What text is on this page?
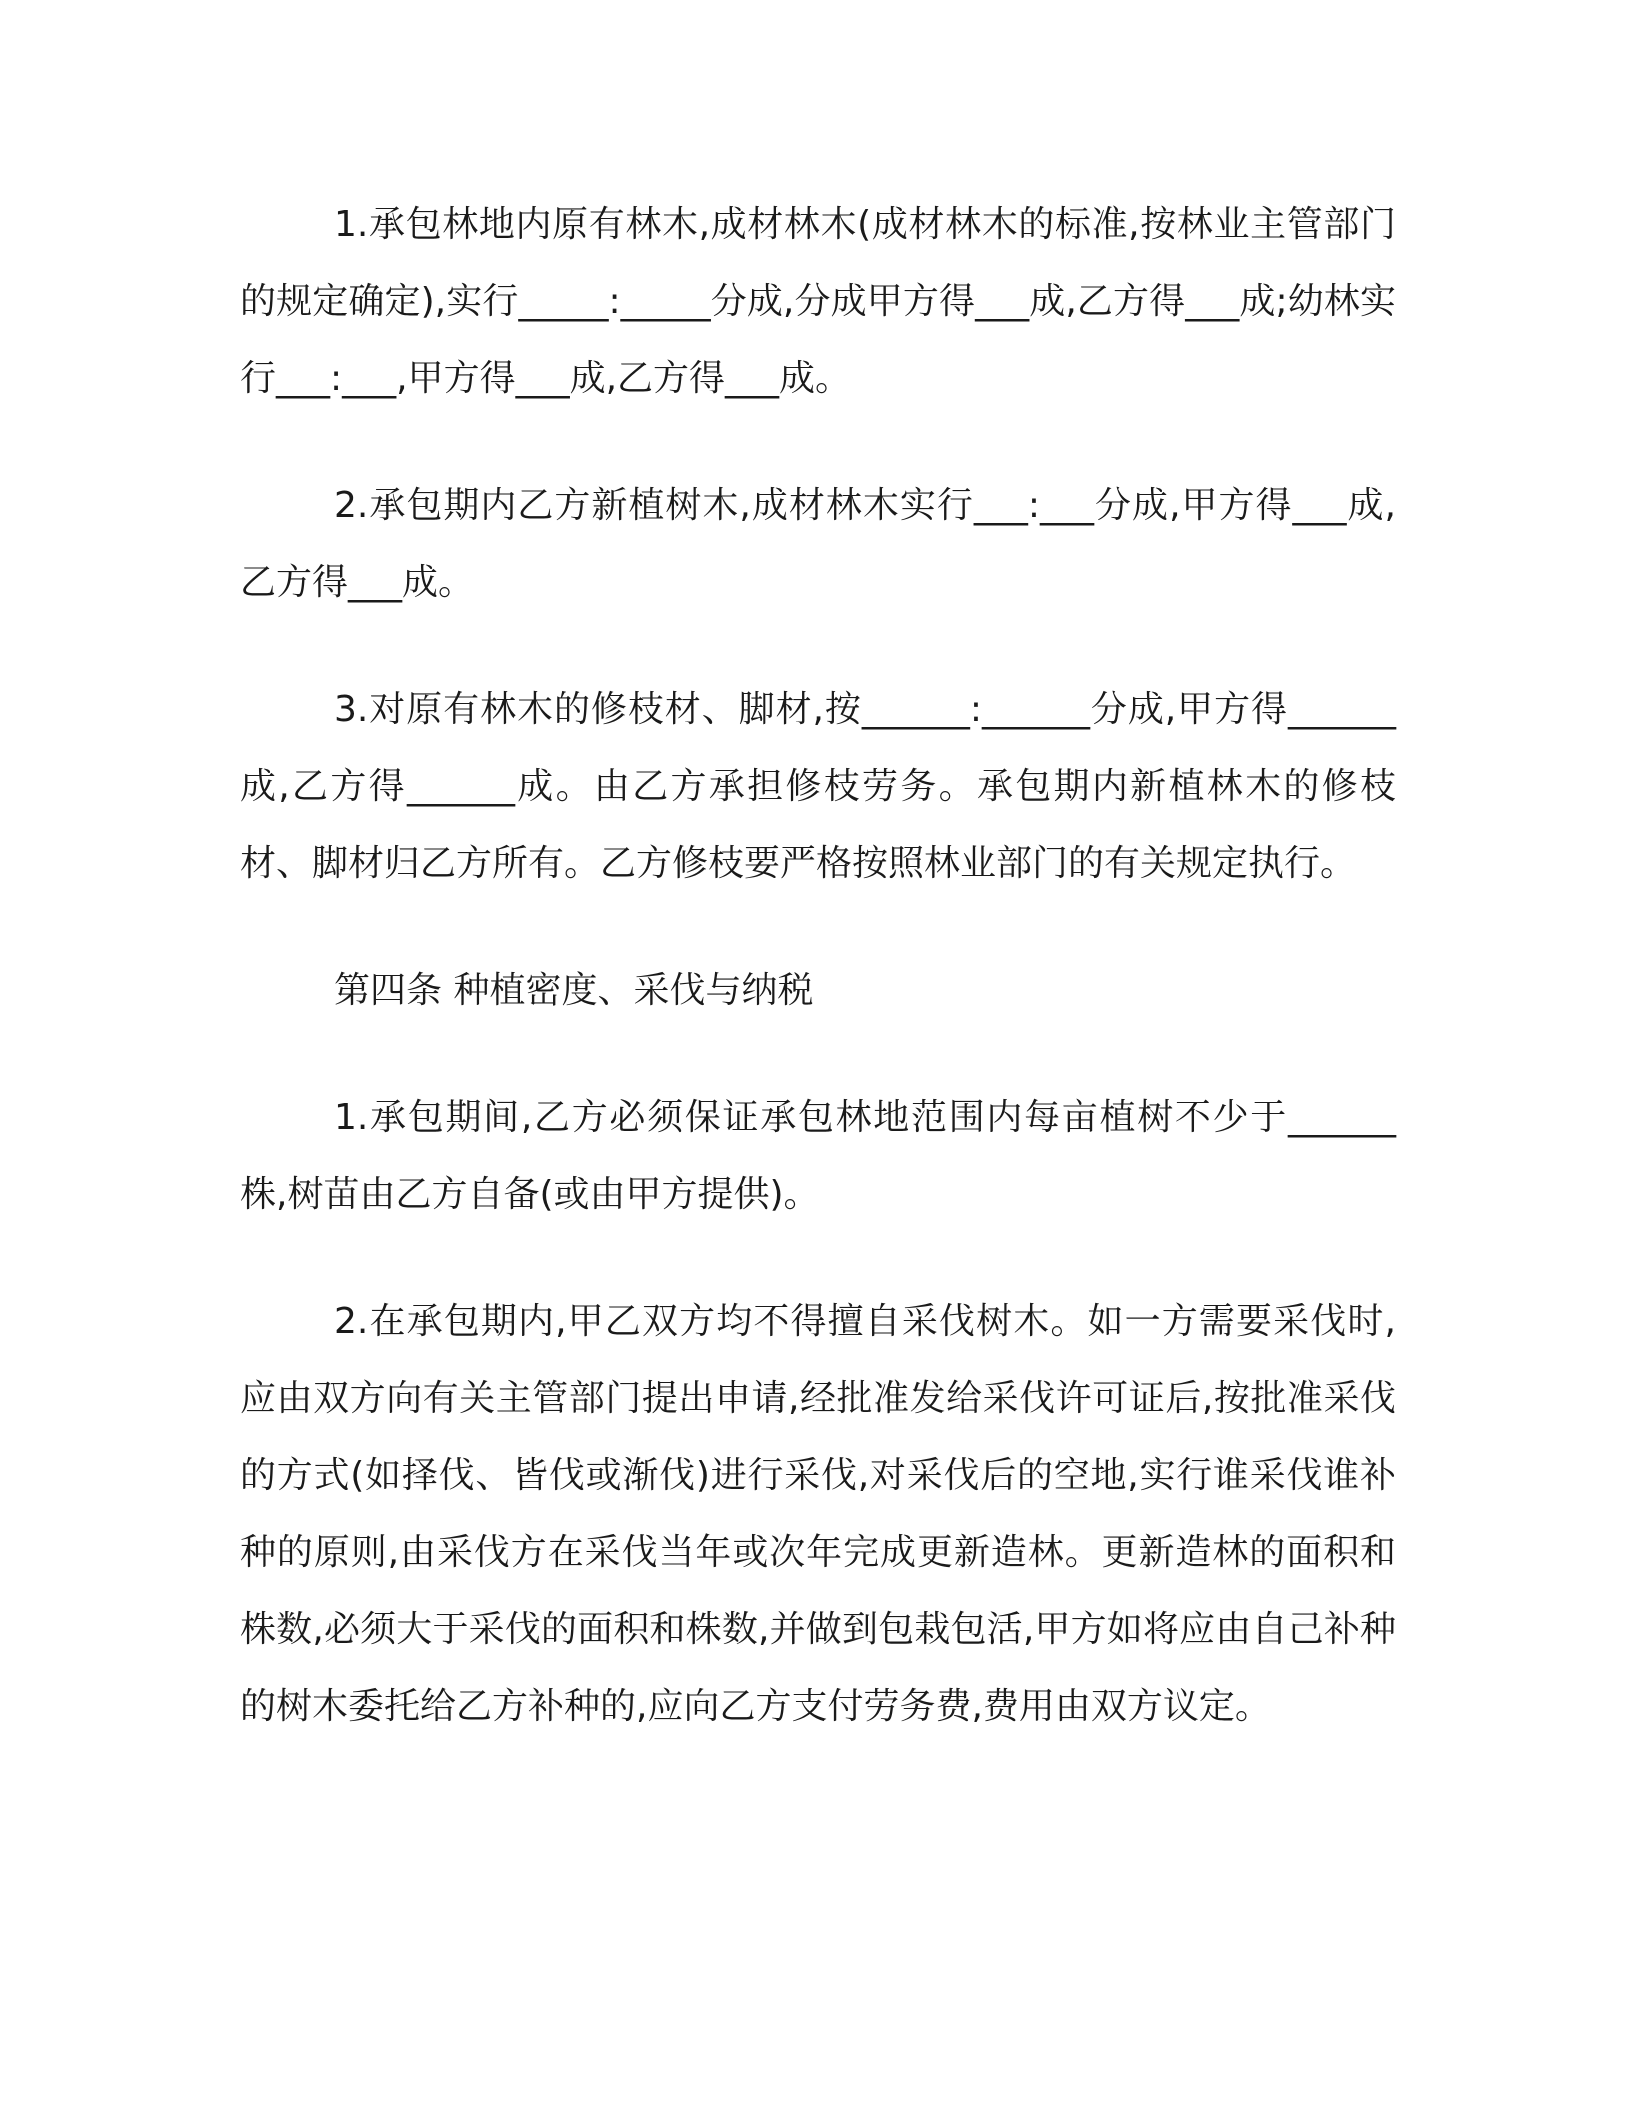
1.承包林地内原有林木,成材林木(成材林木的标准,按林业主管部门的规定确定),实行_____:_____分成,分成甲方得___成,乙方得___成;幼林实行___:___,甲方得___成,乙方得___成。

2.承包期内乙方新植树木,成材林木实行___:___分成,甲方得___成,乙方得___成。

3.对原有林木的修枝材、脚材,按______:______分成,甲方得______成,乙方得______成。由乙方承担修枝劳务。承包期内新植林木的修枝材、脚材归乙方所有。乙方修枝要严格按照林业部门的有关规定执行。

第四条 种植密度、采伐与纳税

1.承包期间,乙方必须保证承包林地范围内每亩植树不少于______株,树苗由乙方自备(或由甲方提供)。

2.在承包期内,甲乙双方均不得擅自采伐树木。如一方需要采伐时,应由双方向有关主管部门提出申请,经批准发给采伐许可证后,按批准采伐的方式(如择伐、皆伐或渐伐)进行采伐,对采伐后的空地,实行谁采伐谁补种的原则,由采伐方在采伐当年或次年完成更新造林。更新造林的面积和株数,必须大于采伐的面积和株数,并做到包栽包活,甲方如将应由自己补种的树木委托给乙方补种的,应向乙方支付劳务费,费用由双方议定。
